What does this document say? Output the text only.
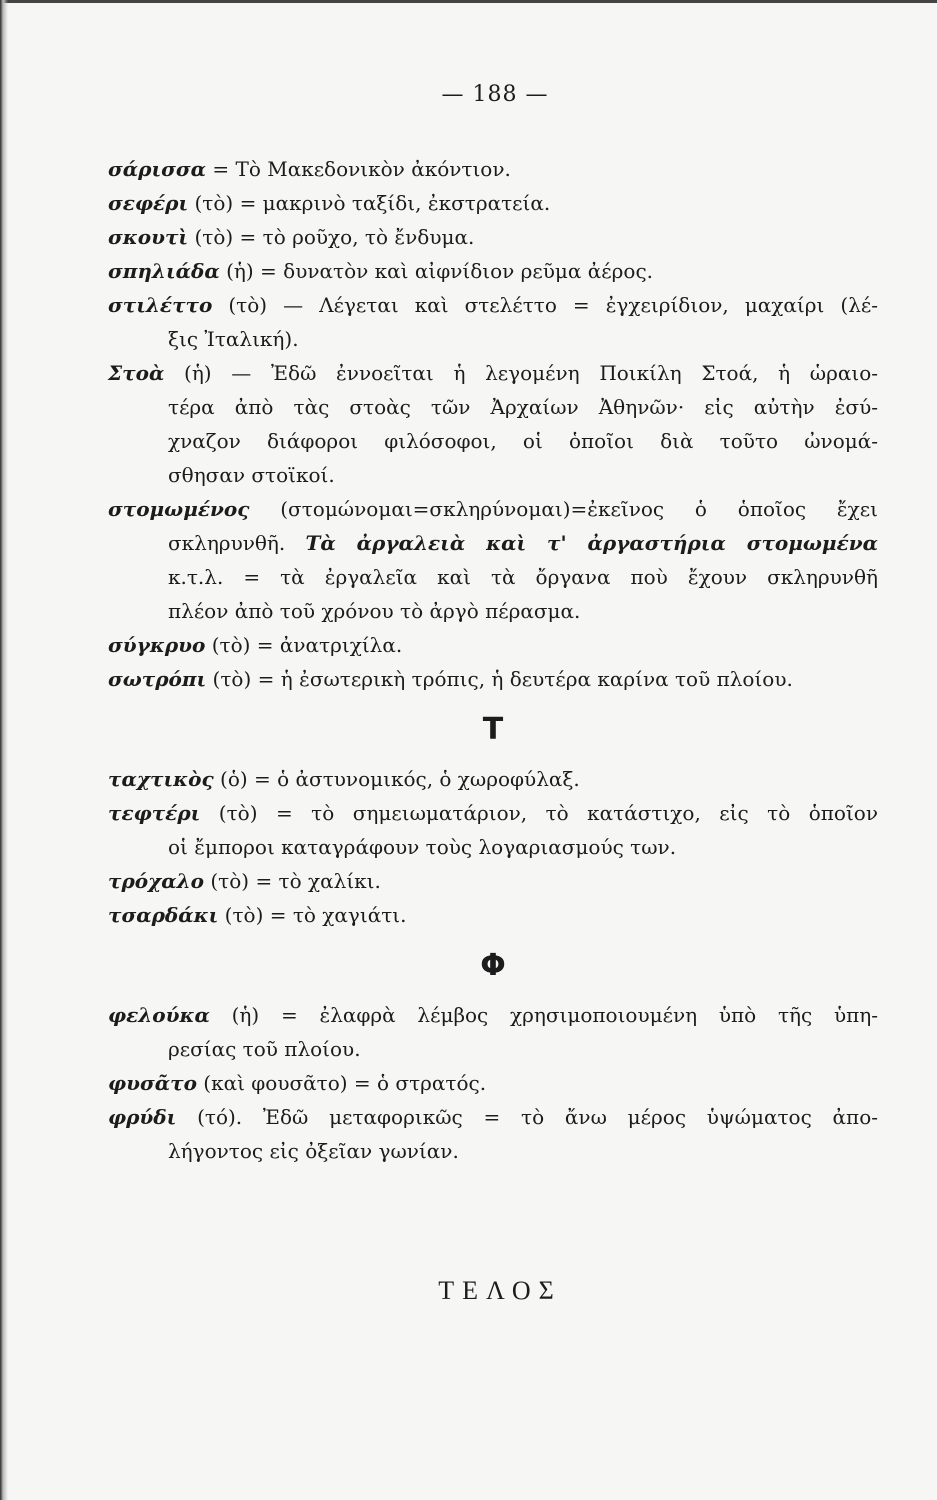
— 188 —

σάρισσα = Τὸ Μακεδονικὸν ἀκόντιον.

σεφέρι (τὸ) = μακρινὸ ταξίδι, ἐκστρατεία.

σκουτὶ (τὸ) = τὸ ροῦχο, τὸ ἔνδυμα.

σπηλιάδα (ἡ) = δυνατὸν καὶ αἰφνίδιον ρεῦμα ἀέρος.

στιλέττο (τὸ) — Λέγεται καὶ στελέττο = ἐγχειρίδιον, μαχαίρι (λέ-

ξις Ἰταλική).

Στοὰ (ἡ) — Ἐδῶ ἐννοεῖται ἡ λεγομένη Ποικίλη Στοά, ἡ ὡραιο-

τέρα ἀπὸ τὰς στοὰς τῶν Ἀρχαίων Ἀθηνῶν· εἰς αὐτὴν ἐσύ-

χναζον διάφοροι φιλόσοφοι, οἱ ὁποῖοι διὰ τοῦτο ὠνομά-

σθησαν στοϊκοί.

στομωμένος (στομώνομαι=σκληρύνομαι)=ἐκεῖνος ὁ ὁποῖος ἔχει

σκληρυνθῆ. Τὰ ἀργαλειὰ καὶ τ' ἀργαστήρια στομωμένα

κ.τ.λ. = τὰ ἐργαλεῖα καὶ τὰ ὄργανα ποὺ ἔχουν σκληρυνθῆ

πλέον ἀπὸ τοῦ χρόνου τὸ ἀργὸ πέρασμα.

σύγκρυο (τὸ) = ἀνατριχίλα.

σωτρόπι (τὸ) = ἡ ἐσωτερικὴ τρόπις, ἡ δευτέρα καρίνα τοῦ πλοίου.

Τ

ταχτικὸς (ὁ) = ὁ ἀστυνομικός, ὁ χωροφύλαξ.

τεφτέρι (τὸ) = τὸ σημειωματάριον, τὸ κατάστιχο, εἰς τὸ ὁποῖον

οἱ ἔμποροι καταγράφουν τοὺς λογαριασμούς των.

τρόχαλο (τὸ) = τὸ χαλίκι.

τσαρδάκι (τὸ) = τὸ χαγιάτι.

Φ

φελούκα (ἡ) = ἐλαφρὰ λέμβος χρησιμοποιουμένη ὑπὸ τῆς ὑπη-

ρεσίας τοῦ πλοίου.

φυσᾶτο (καὶ φουσᾶτο) = ὁ στρατός.

φρύδι (τό). Ἐδῶ μεταφορικῶς = τὸ ἄνω μέρος ὑψώματος ἀπο-

λήγοντος εἰς ὀξεῖαν γωνίαν.

ΤΕΛΟΣ
